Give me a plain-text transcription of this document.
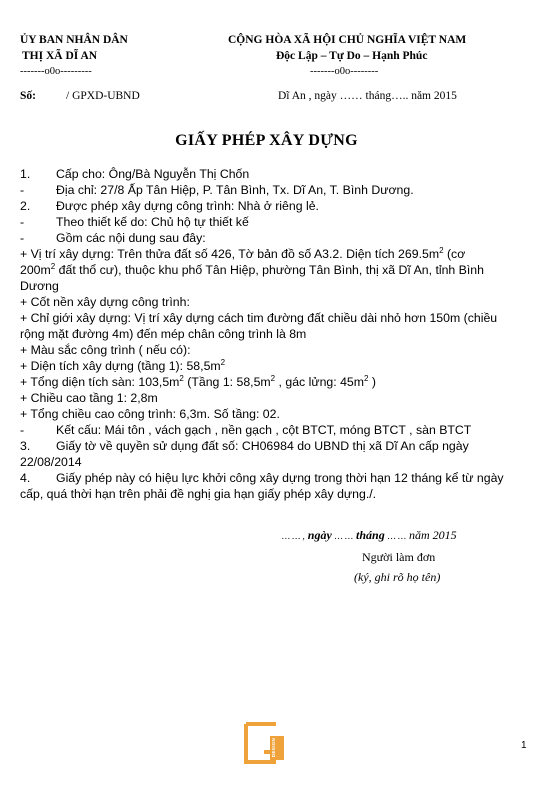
ỦY BAN NHÂN DÂN
THỊ XÃ DĨ AN
-------o0o---------
CỘNG HÒA XÃ HỘI CHỦ NGHĨA VIỆT NAM
Độc Lập – Tự Do – Hạnh Phúc
-------o0o--------
Số:	/ GPXD-UBND	Dĩ An , ngày …… tháng….. năm 2015
GIẤY PHÉP XÂY DỰNG
1. Cấp cho: Ông/Bà Nguyễn Thị Chốn
-	Địa chỉ: 27/8 Ấp Tân Hiệp, P. Tân Bình, Tx. Dĩ An, T. Bình Dương.
2. Được phép xây dựng công trình: Nhà ở riêng lẻ.
-	Theo thiết kế do: Chủ hộ tự thiết kế
-	Gồm các nội dung sau đây:
+ Vị trí xây dựng: Trên thửa đất số 426, Tờ bản đồ số A3.2. Diện tích $269.5m^2$ (cơ
$200m^2$ đất thổ cư), thuộc khu phố Tân Hiệp, phường Tân Bình, thị xã Dĩ An, tỉnh Bình
Dương
+ Cốt nền xây dựng công trình:
+ Chỉ giới xây dựng: Vị trí xây dựng cách tim đường đất chiều dài nhỏ hơn 150m (chiều
rộng mặt đường 4m) đến mép chân công trình là 8m
+ Màu sắc công trình ( nếu có):
+ Diện tích xây dựng (tầng 1): $58,5m^2$
+ Tổng diện tích sàn: $103,5m^2$ (Tầng 1: $58,5m^2$ , gác lửng: $45m^2$ )
+ Chiều cao tầng 1: 2,8m
+ Tổng chiều cao công trình: 6,3m. Số tầng: 02.
-	Kết cấu: Mái tôn , vách gạch , nền gạch , cột BTCT, móng BTCT , sàn BTCT
3. Giấy tờ về quyền sử dụng đất số: CH06984 do UBND thị xã Dĩ An cấp ngày
22/08/2014
4. Giấy phép này có hiệu lực khởi công xây dựng trong thời hạn 12 tháng kể từ ngày
cấp, quá thời hạn trên phải đề nghị gia hạn giấy phép xây dựng./.
… … , ngày … … tháng … … năm 2015
Người làm đơn
(ký, ghi rõ họ tên)
DESIGN	1
